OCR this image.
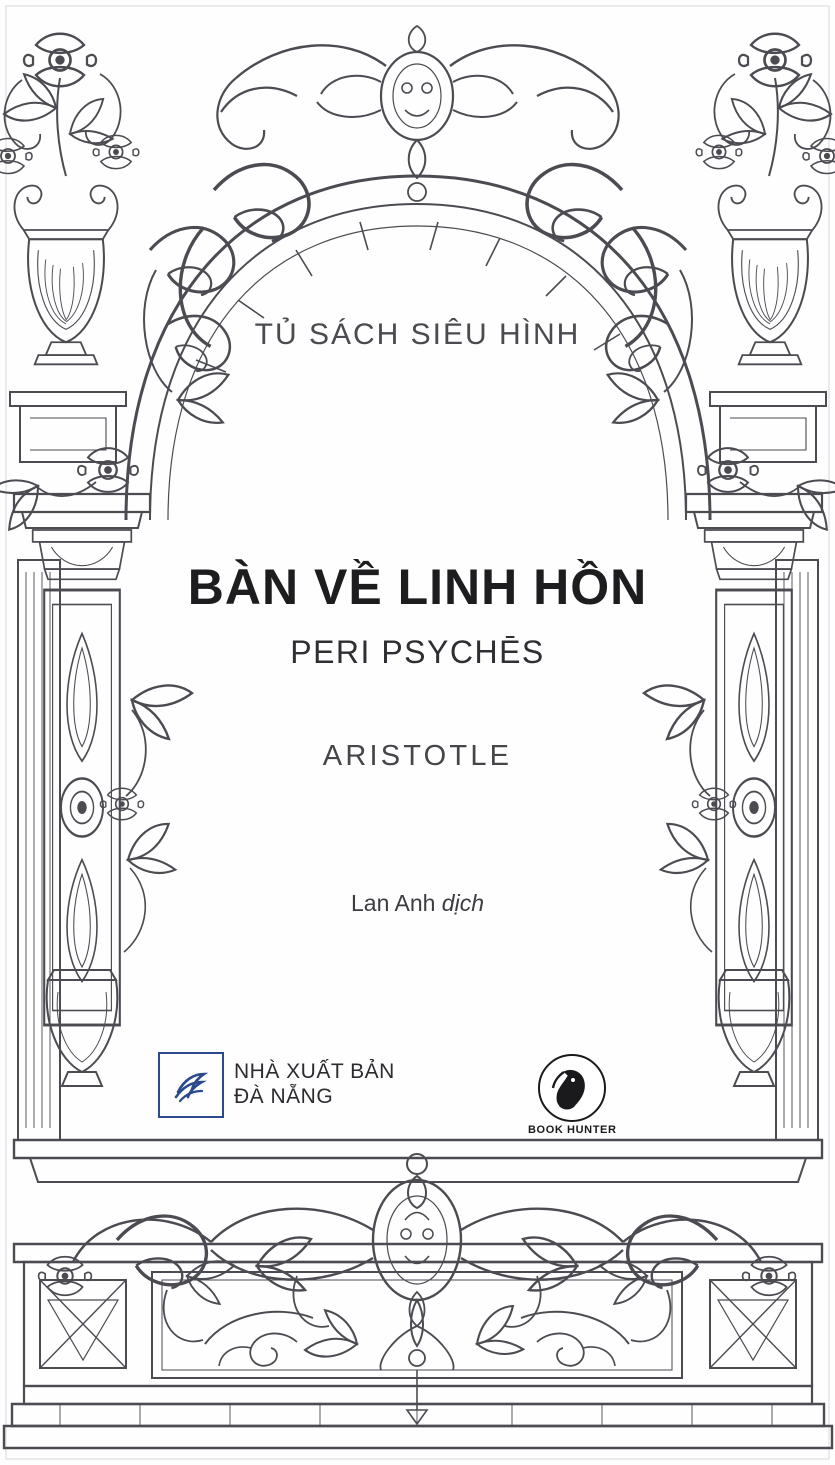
TỦ SÁCH SIÊU HÌNH
BÀN VỀ LINH HỒN
PERI PSYCHĒS
ARISTOTLE
Lan Anh dịch
NHÀ XUẤT BẢN
ĐÀ NẴNG
BOOK HUNTER
